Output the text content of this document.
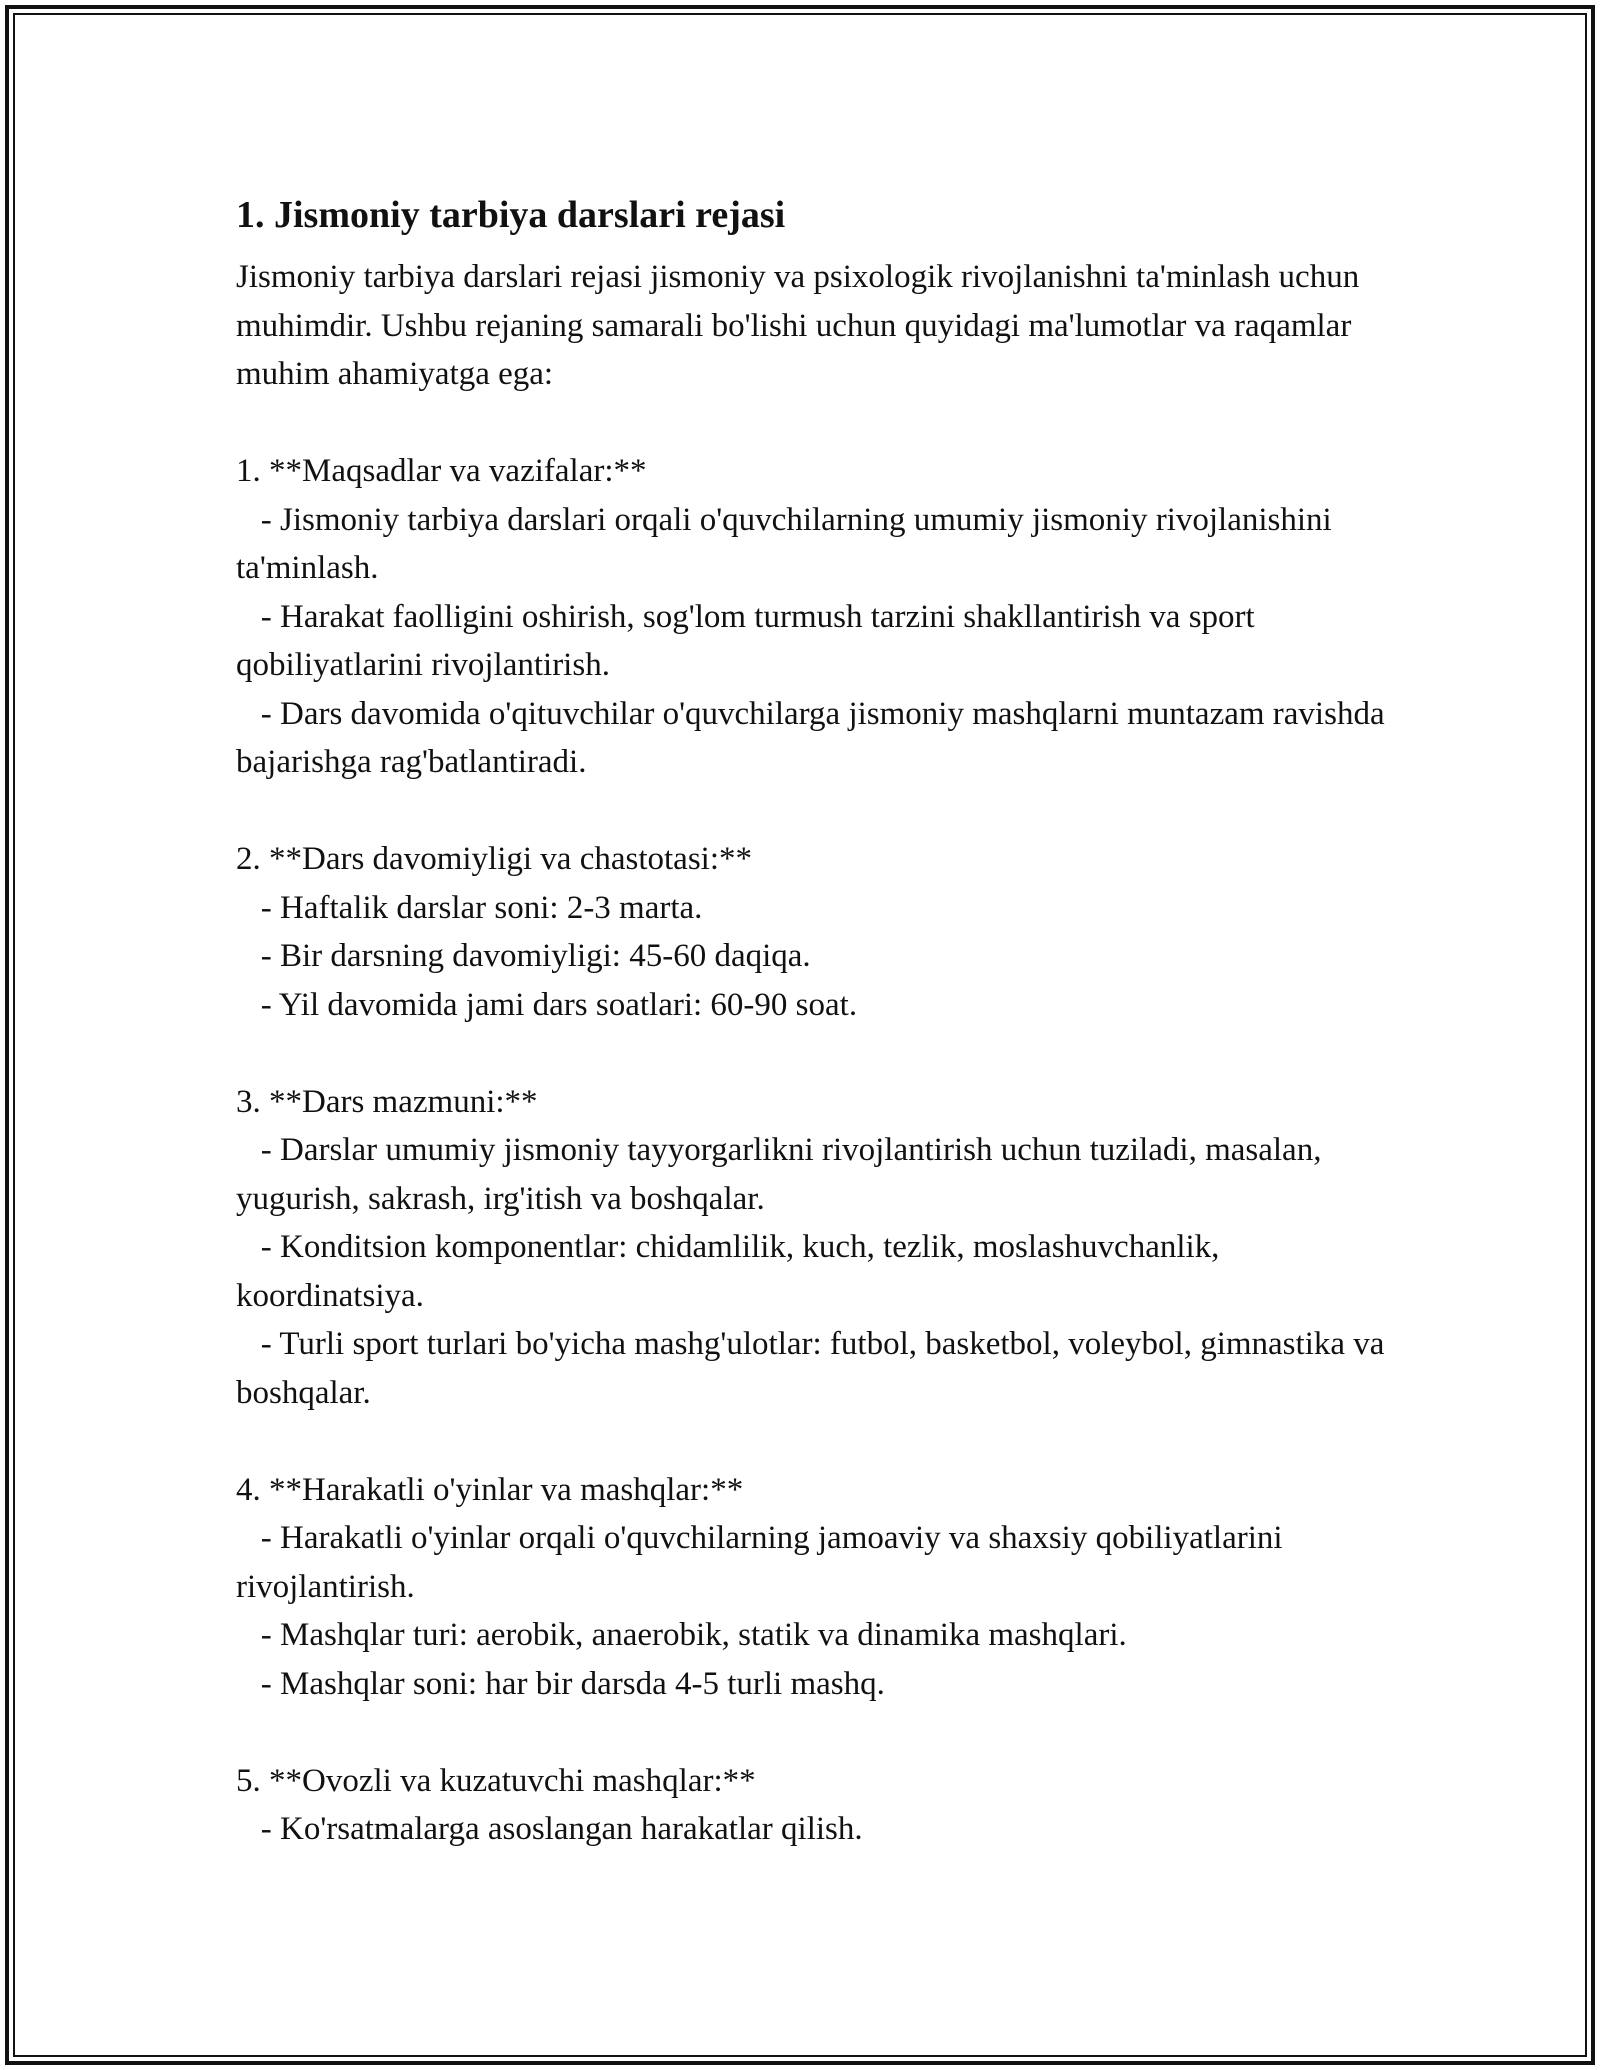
1. Jismoniy tarbiya darslari rejasi

Jismoniy tarbiya darslari rejasi jismoniy va psixologik rivojlanishni ta'minlash uchun muhimdir. Ushbu rejaning samarali bo'lishi uchun quyidagi ma'lumotlar va raqamlar muhim ahamiyatga ega:

1. **Maqsadlar va vazifalar:**

- Jismoniy tarbiya darslari orqali o'quvchilarning umumiy jismoniy rivojlanishini ta'minlash.

- Harakat faolligini oshirish, sog'lom turmush tarzini shakllantirish va sport qobiliyatlarini rivojlantirish.

- Dars davomida o'qituvchilar o'quvchilarga jismoniy mashqlarni muntazam ravishda bajarishga rag'batlantiradi.

2. **Dars davomiyligi va chastotasi:**

- Haftalik darslar soni: 2-3 marta.

- Bir darsning davomiyligi: 45-60 daqiqa.

- Yil davomida jami dars soatlari: 60-90 soat.

3. **Dars mazmuni:**

- Darslar umumiy jismoniy tayyorgarlikni rivojlantirish uchun tuziladi, masalan, yugurish, sakrash, irg'itish va boshqalar.

- Konditsion komponentlar: chidamlilik, kuch, tezlik, moslashuvchanlik, koordinatsiya.

- Turli sport turlari bo'yicha mashg'ulotlar: futbol, basketbol, voleybol, gimnastika va boshqalar.

4. **Harakatli o'yinlar va mashqlar:**

- Harakatli o'yinlar orqali o'quvchilarning jamoaviy va shaxsiy qobiliyatlarini rivojlantirish.

- Mashqlar turi: aerobik, anaerobik, statik va dinamika mashqlari.

- Mashqlar soni: har bir darsda 4-5 turli mashq.

5. **Ovozli va kuzatuvchi mashqlar:**

- Ko'rsatmalarga asoslangan harakatlar qilish.
